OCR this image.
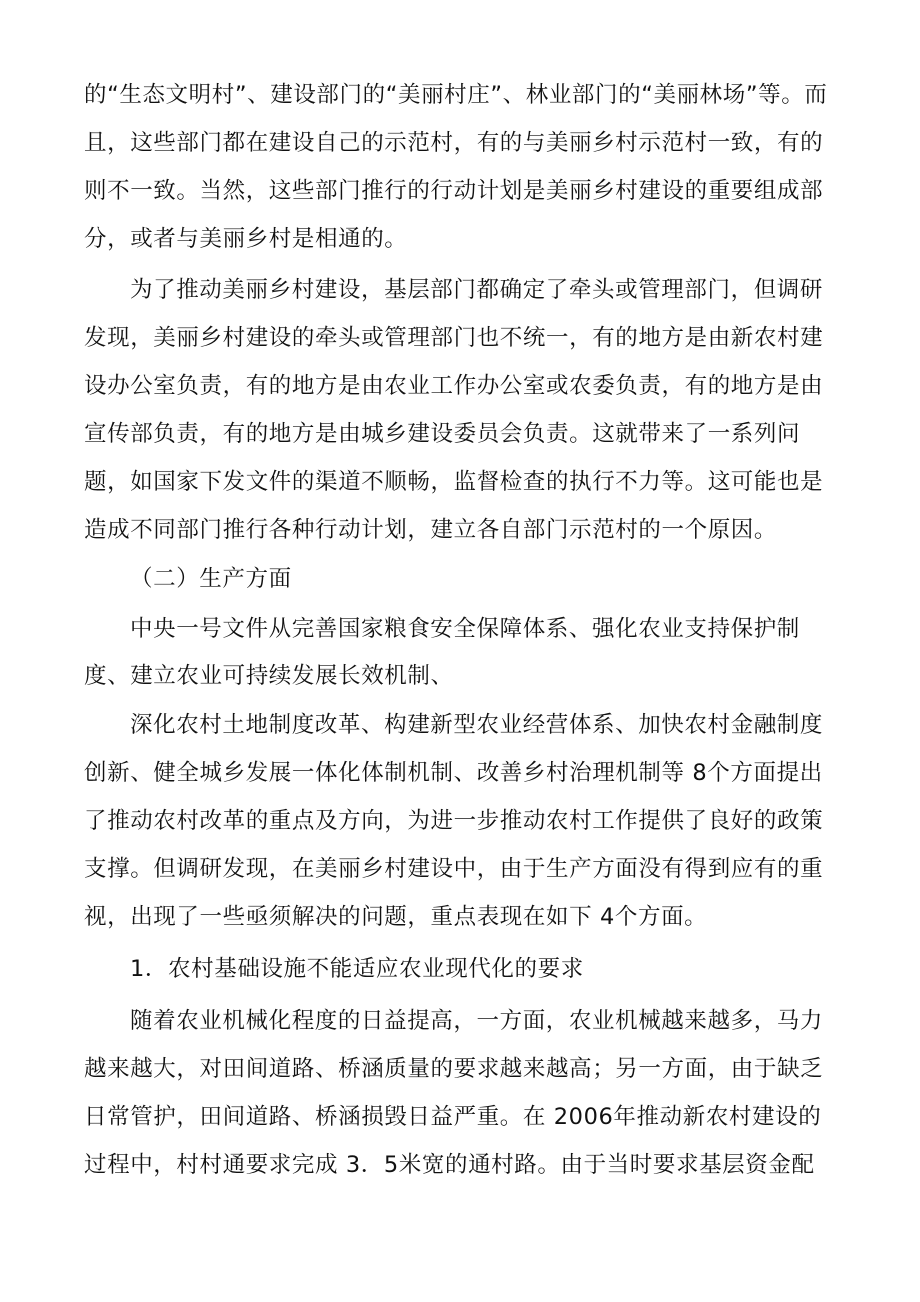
的“生态文明村”、建设部门的“美丽村庄”、林业部门的“美丽林场”等。而
且，这些部门都在建设自己的示范村，有的与美丽乡村示范村一致，有的
则不一致。当然，这些部门推行的行动计划是美丽乡村建设的重要组成部
分，或者与美丽乡村是相通的。
为了推动美丽乡村建设，基层部门都确定了牵头或管理部门，但调研
发现，美丽乡村建设的牵头或管理部门也不统一，有的地方是由新农村建
设办公室负责，有的地方是由农业工作办公室或农委负责，有的地方是由
宣传部负责，有的地方是由城乡建设委员会负责。这就带来了一系列问
题，如国家下发文件的渠道不顺畅，监督检查的执行不力等。这可能也是
造成不同部门推行各种行动计划，建立各自部门示范村的一个原因。
（二）生产方面
中央一号文件从完善国家粮食安全保障体系、强化农业支持保护制
度、建立农业可持续发展长效机制、
深化农村土地制度改革、构建新型农业经营体系、加快农村金融制度
创新、健全城乡发展一体化体制机制、改善乡村治理机制等 8个方面提出
了推动农村改革的重点及方向，为进一步推动农村工作提供了良好的政策
支撑。但调研发现，在美丽乡村建设中，由于生产方面没有得到应有的重
视，出现了一些亟须解决的问题，重点表现在如下 4个方面。
1．农村基础设施不能适应农业现代化的要求
随着农业机械化程度的日益提高，一方面，农业机械越来越多，马力
越来越大，对田间道路、桥涵质量的要求越来越高；另一方面，由于缺乏
日常管护，田间道路、桥涵损毁日益严重。在 2006年推动新农村建设的
过程中，村村通要求完成 3．5米宽的通村路。由于当时要求基层资金配
